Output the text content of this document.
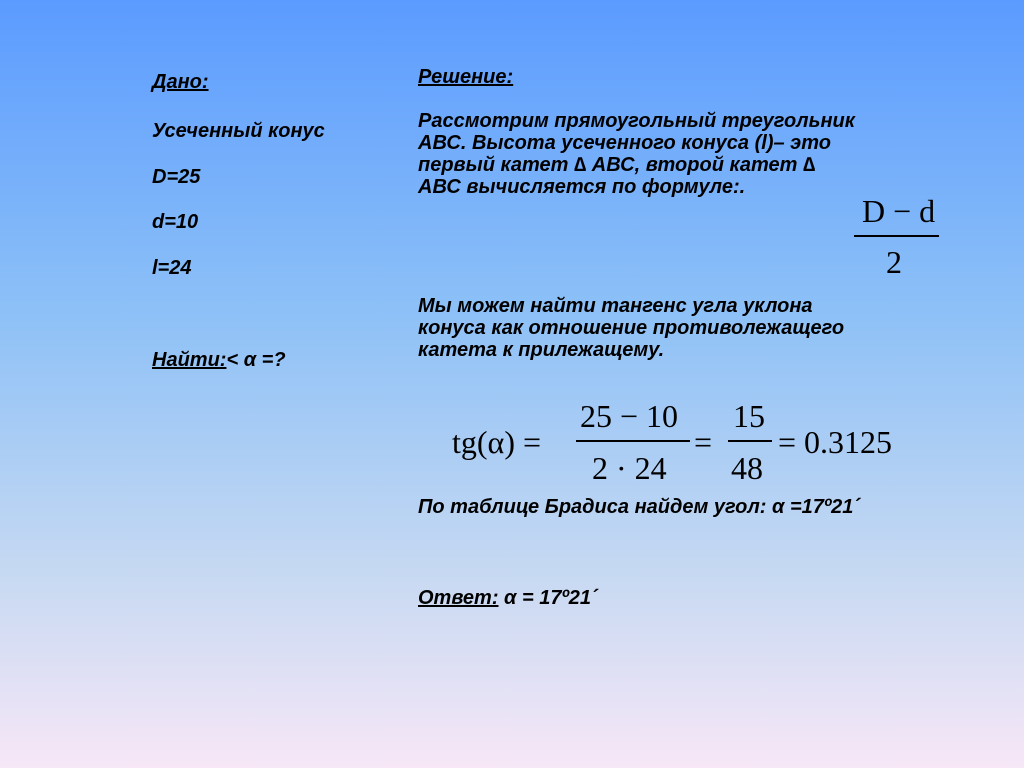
Дано:
Усеченный конус
D=25
d=10
l=24
Найти:< α =?
Решение:
Рассмотрим прямоугольный треугольник
АВС. Высота усеченного конуса (l)– это
первый катет ∆ АВС, второй катет ∆
АВС вычисляется по формуле:.
D − d
2
Мы можем найти тангенс угла уклона
конуса как отношение противолежащего
катета к прилежащему.
tg(α) =
25 − 10
2 · 24
=
15
48
= 0.3125
По таблице Брадиса найдем угол: α =17º21´
Ответ: α = 17º21´
